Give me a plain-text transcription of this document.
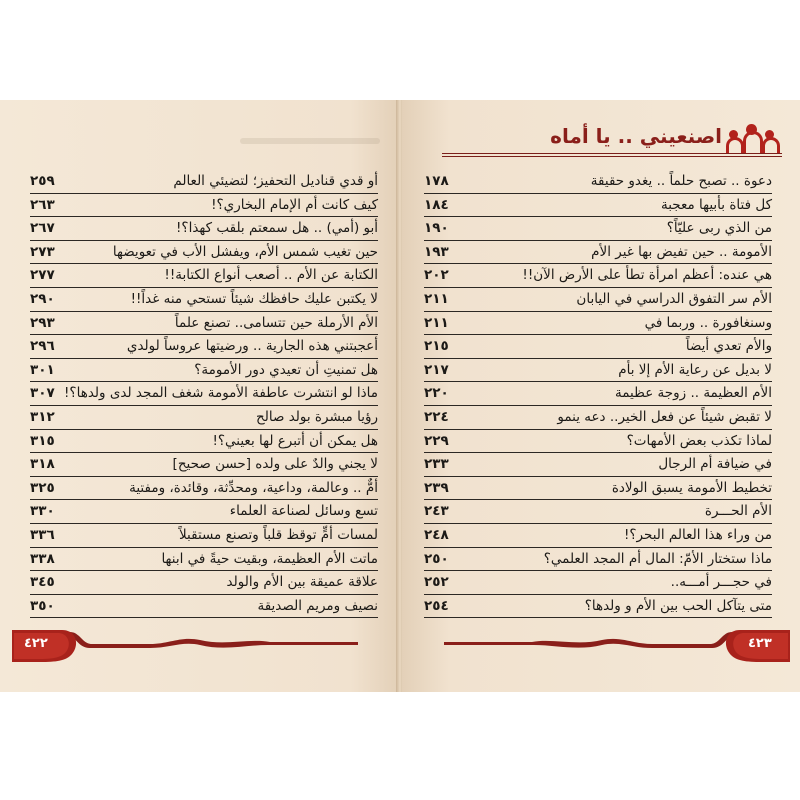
أو قدي قناديل التحفيز؛ لتضيئي العالم
٢٥٩
كيف كانت أم الإمام البخاري؟!
٢٦٣
أبو (أمي) .. هل سمعتم بلقب كهذا؟!
٢٦٧
حين تغيب شمس الأم، ويفشل الأب في تعويضها
٢٧٣
الكتابة عن الأم .. أصعب أنواع الكتابة!!
٢٧٧
لا يكتبن عليك حافظك شيئاً تستحي منه غداً!!
٢٩٠
الأم الأرملة حين تتسامى.. تصنع علماً
٢٩٣
أعجبتني هذه الجارية .. ورضيتها عروساً لولدي
٢٩٦
هل تمنيتِ أن تعيدي دور الأمومة؟
٣٠١
ماذا لو انتشرت عاطفة الأمومة شغف المجد لدى ولدها؟!
٣٠٧
رؤيا مبشرة بولد صالح
٣١٢
هل يمكن أن أتبرع لها بعيني؟!
٣١٥
لا يجني والدٌ على ولده [حسن صحيح]
٣١٨
أمٌّ .. وعالمة، وداعية، ومحدِّثة، وقائدة، ومفتية
٣٢٥
تسع وسائل لصناعة العلماء
٣٣٠
لمسات أمٍّ توقظ قلباً وتصنع مستقبلاً
٣٣٦
ماتت الأم العظيمة، وبقيت حيةً في ابنها
٣٣٨
علاقة عميقة بين الأم والولد
٣٤٥
نصيف ومريم الصديقة
٣٥٠
٤٢٢
اصنعيني .. يا أماه
دعوة .. تصبح حلماً .. يغدو حقيقة
١٧٨
كل فتاة بأبيها معجبة
١٨٤
من الذي ربى عليّاً؟
١٩٠
الأمومة .. حين تفيض بها غير الأم
١٩٣
هي عنده: أعظم امرأة تطأ على الأرض الآن!!
٢٠٢
الأم سر التفوق الدراسي في اليابان
٢١١
وسنغافورة .. وربما في
٢١١
والأم تعدي أيضاً
٢١٥
لا بديل عن رعاية الأم إلا بأم
٢١٧
الأم العظيمة .. زوجة عظيمة
٢٢٠
لا تقبض شيئاً عن فعل الخير.. دعه ينمو
٢٢٤
لماذا تكذب بعض الأمهات؟
٢٢٩
في ضيافة أم الرجال
٢٣٣
تخطيط الأمومة يسبق الولادة
٢٣٩
الأم الحـــرة
٢٤٣
من وراء هذا العالم البحر؟!
٢٤٨
ماذا ستختار الأمّ: المال أم المجد العلمي؟
٢٥٠
في حجـــر أمـــه..
٢٥٢
متى يتآكل الحب بين الأم و ولدها؟
٢٥٤
٤٢٣
